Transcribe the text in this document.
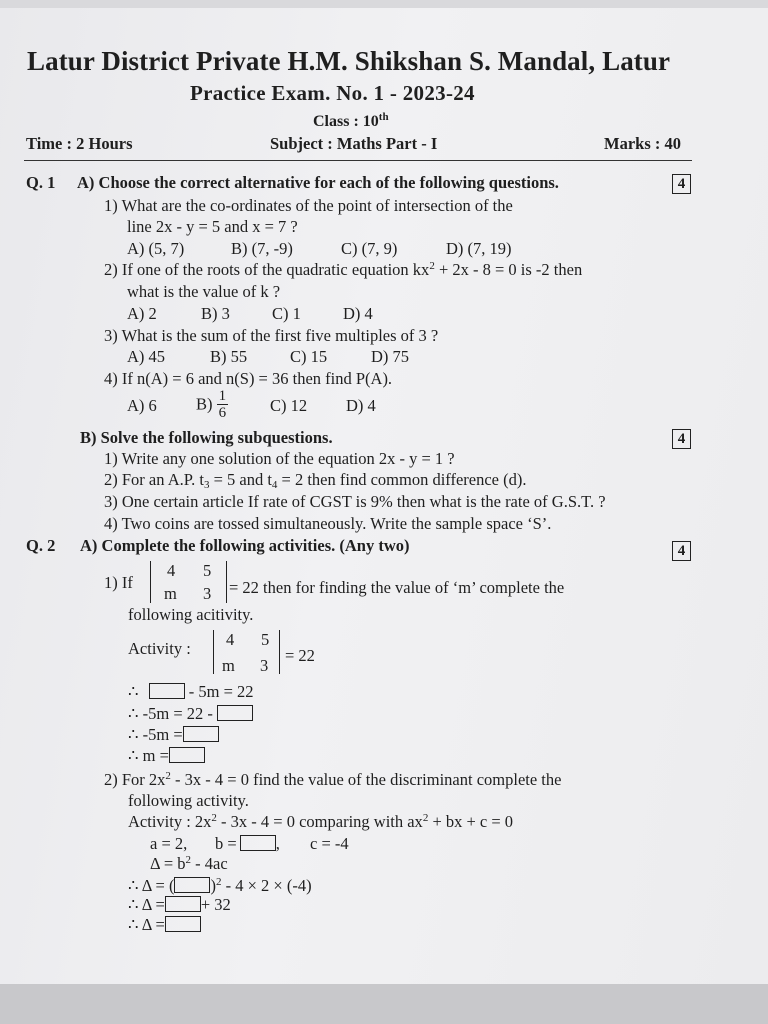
Latur District Private H.M. Shikshan S. Mandal, Latur
Practice Exam. No. 1 - 2023-24
Class : 10th
Time : 2 Hours	Subject : Maths Part - I	Marks : 40
Q. 1 A) Choose the correct alternative for each of the following questions.	4
1) What are the co-ordinates of the point of intersection of the
line 2x - y = 5 and x = 7 ?
A) (5, 7)	B) (7, -9)	C) (7, 9)	D) (7, 19)
2) If one of the roots of the quadratic equation $kx^2 + 2x - 8 = 0$ is -2 then
what is the value of k ?
A) 2	B) 3	C) 1	D) 4
3) What is the sum of the first five multiples of 3 ?
A) 45	B) 55	C) 15	D) 75
4) If n(A) = 6 and n(S) = 36 then find P(A).
A) 6 $B) \frac{1}{6}$	C) 12 D) 4
B) Solve the following subquestions.	4
1) Write any one solution of the equation 2x - y = 1 ?
2) For an A.P. $t_3 = 5$ and $t_4 = 2$ then find common difference (d).
3) One certain article If rate of CGST is 9% then what is the rate of G.S.T. ?
4) Two coins are tossed simultaneously. Write the sample space ‘S’.
Q. 2 A) Complete the following activities. (Any two)	4
1) If
4 5
m 3 = 22 then for finding the value of ‘m’ complete the
following acitivity.
Activity : 4 5
m 3
= 22
∴	- 5m = 22
∴ -5m = 22 -
∴ -5m =
∴ m =
2) For $2x^2 - 3x - 4 = 0$ find the value of the discriminant complete the
following activity.
Activity : $2x^2 - 3x - 4 = 0$ comparing with $ax^2$ + bx + c = 0
a = 2, b = , c = -4
$\Delta = b^2 - 4ac$
∴ Δ = ( )$^2$ - 4 × 2 × (-4)
∴ Δ = + 32
∴ Δ =
